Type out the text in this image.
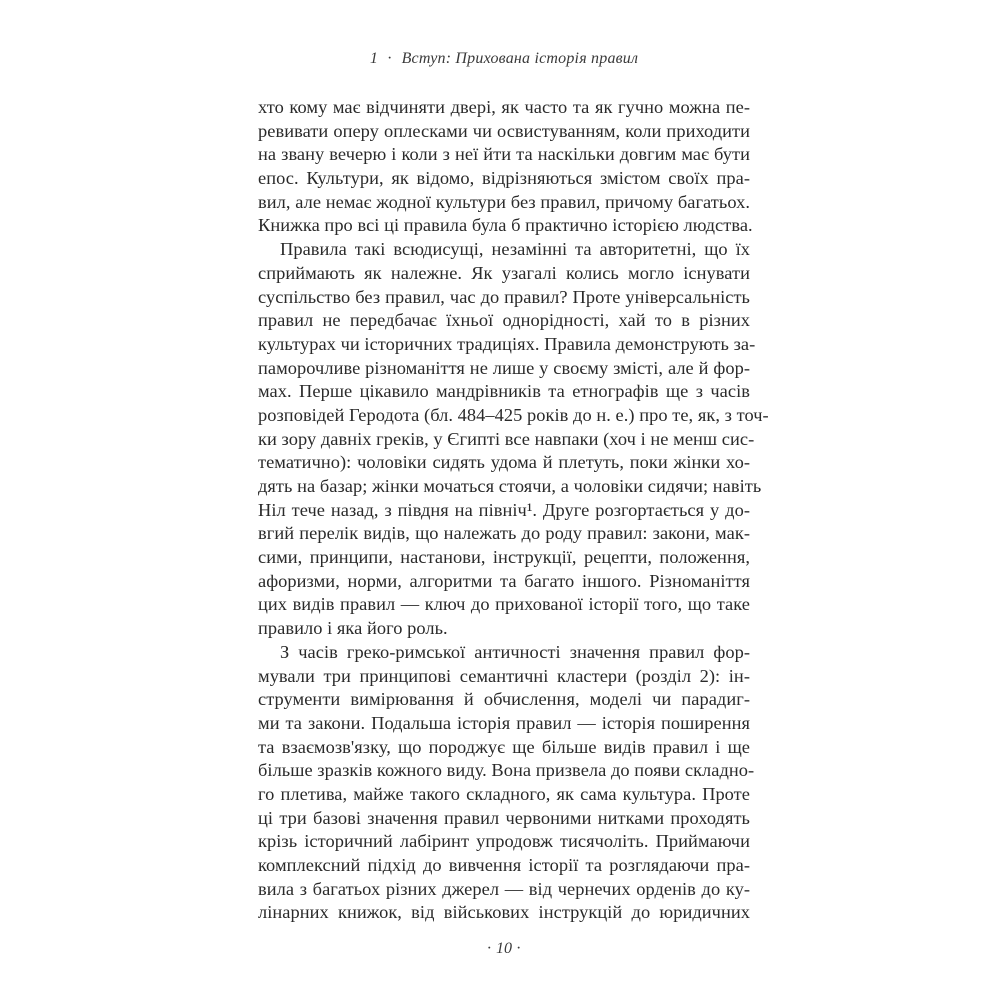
1 · Вступ: Прихована історія правил
хто кому має відчиняти двері, як часто та як гучно можна пе-
ревивати оперу оплесками чи освистуванням, коли приходити
на звану вечерю і коли з неї йти та наскільки довгим має бути
епос. Культури, як відомо, відрізняються змістом своїх пра-
вил, але немає жодної культури без правил, причому багатьох.
Книжка про всі ці правила була б практично історією людства.
Правила такі всюдисущі, незамінні та авторитетні, що їх
сприймають як належне. Як узагалі колись могло існувати
суспільство без правил, час до правил? Проте універсальність
правил не передбачає їхньої однорідності, хай то в різних
культурах чи історичних традиціях. Правила демонструють за-
паморочливе різноманіття не лише у своєму змісті, але й фор-
мах. Перше цікавило мандрівників та етнографів ще з часів
розповідей Геродота (бл. 484–425 років до н. е.) про те, як, з точ-
ки зору давніх греків, у Єгипті все навпаки (хоч і не менш сис-
тематично): чоловіки сидять удома й плетуть, поки жінки хо-
дять на базар; жінки мочаться стоячи, а чоловіки сидячи; навіть
Ніл тече назад, з півдня на північ¹. Друге розгортається у до-
вгий перелік видів, що належать до роду правил: закони, мак-
сими, принципи, настанови, інструкції, рецепти, положення,
афоризми, норми, алгоритми та багато іншого. Різноманіття
цих видів правил — ключ до прихованої історії того, що таке
правило і яка його роль.
З часів греко-римської античності значення правил фор-
мували три принципові семантичні кластери (розділ 2): ін-
струменти вимірювання й обчислення, моделі чи парадиг-
ми та закони. Подальша історія правил — історія поширення
та взаємозв'язку, що породжує ще більше видів правил і ще
більше зразків кожного виду. Вона призвела до появи складно-
го плетива, майже такого складного, як сама культура. Проте
ці три базові значення правил червоними нитками проходять
крізь історичний лабіринт упродовж тисячоліть. Приймаючи
комплексний підхід до вивчення історії та розглядаючи пра-
вила з багатьох різних джерел — від чернечих орденів до ку-
лінарних книжок, від військових інструкцій до юридичних
· 10 ·
